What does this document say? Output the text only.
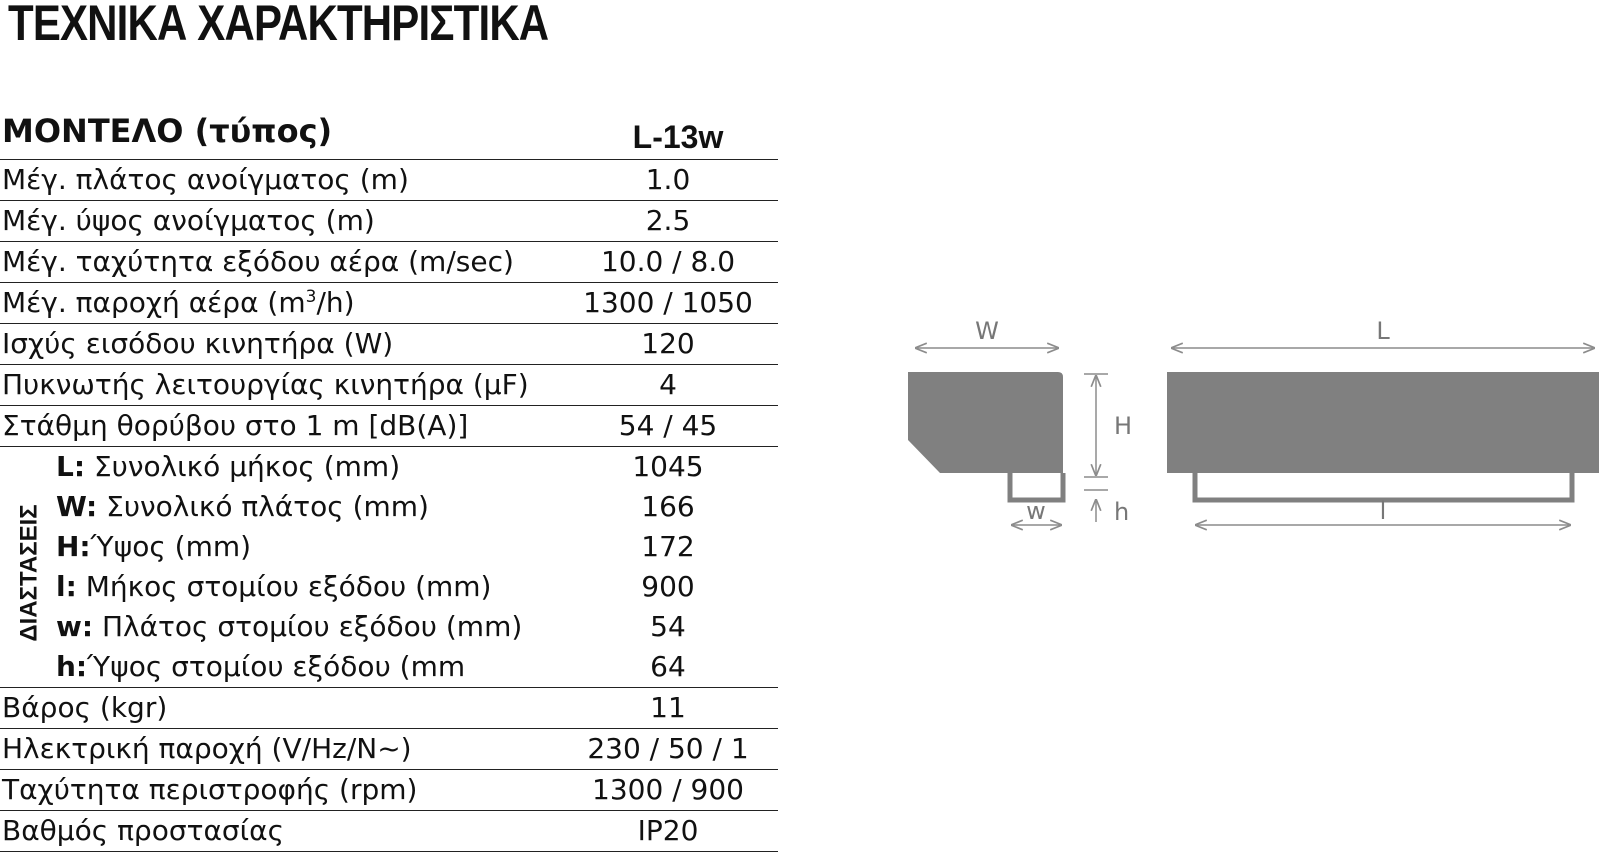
ΤΕΧΝΙΚΑ ΧΑΡΑΚΤΗΡΙΣΤΙΚΑ
ΜΟΝΤΕΛΟ (τύπος)	L-13w
Μέγ. πλάτος ανοίγματος (m)	1.0
Μέγ. ύψος ανοίγματος (m)	2.5
Μέγ. ταχύτητα εξόδου αέρα (m/sec)	10.0 / 8.0
Μέγ. παροχή αέρα $(m^3/h)$	1300 / 1050
Ισχύς εισόδου κινητήρα (W)	120
Πυκνωτής λειτουργίας κινητήρα (μF)	4
Στάθμη θορύβου στο 1 m [dB(A)]	54 / 45
L: Συνολικό μήκος (mm)	1045
W: Συνολικό πλάτος (mm)	166
H:Ύψος (mm)	172
l: Μήκος στομίου εξόδου (mm)	900
w: Πλάτος στομίου εξόδου (mm)	54
h:Ύψος στομίου εξόδου (mm	64
Βάρος (kgr)	11
Ηλεκτρική παροχή (V/Hz/N~)	230 / 50 / 1
Ταχύτητα περιστροφής (rpm)	1300 / 900
Βαθμός προστασίας	IP20
ΔΙΑΣΤΑΣΕΙΣ
W	L
H
h
w	l
